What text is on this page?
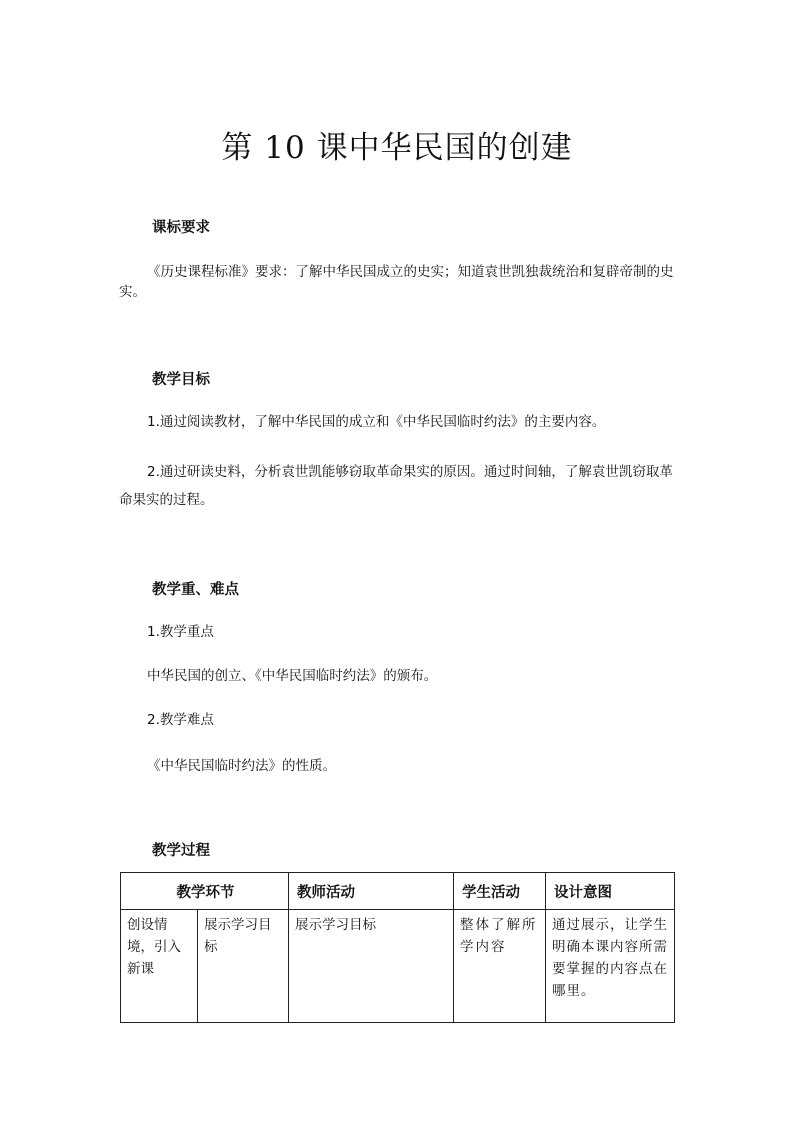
第 10 课中华民国的创建
课标要求
《历史课程标准》要求：了解中华民国成立的史实；知道袁世凯独裁统治和复辟帝制的史实。
教学目标
1.通过阅读教材，了解中华民国的成立和《中华民国临时约法》的主要内容。
2.通过研读史料，分析袁世凯能够窃取革命果实的原因。通过时间轴，了解袁世凯窃取革命果实的过程。
教学重、难点
1.教学重点
中华民国的创立、《中华民国临时约法》的颁布。
2.教学难点
《中华民国临时约法》的性质。
教学过程
教学环节		教师活动	学生活动	设计意图
创设情境，引入新课	展示学习目标	展示学习目标	整体了解所学内容	通过展示，让学生明确本课内容所需要掌握的内容点在哪里。
